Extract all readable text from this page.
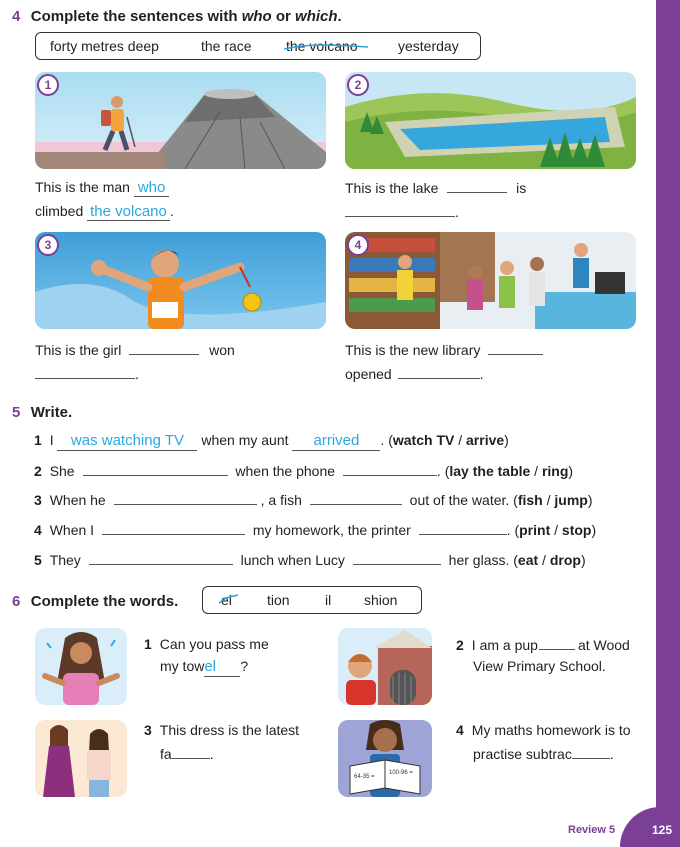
4 Complete the sentences with who or which.
forty metres deep	the race the volcano	yesterday
1	2
This is the man who
climbed the volcano .
This is the lake	is
.
3	4
This is the girl	won
.
This is the new library
opened	.
5 Write.
1 I was watching TV when my aunt arrived . (watch TV / arrive)
2 She	when the phone	. (lay the table / ring)
3 When he	, a fish	out of the water. (fish / jump)
4 When I	my homework, the printer	. (print / stop)
5 They	lunch when Lucy	her glass. (eat / drop)
6 Complete the words.	el	tion	il shion
1 Can you pass me
my towel ?
2 I am a pup	at Wood
View Primary School.
3 This dress is the latest
fa	.
64-35 =
100-96 =
4 My maths homework is to
practise subtrac	.
Review 5	125
